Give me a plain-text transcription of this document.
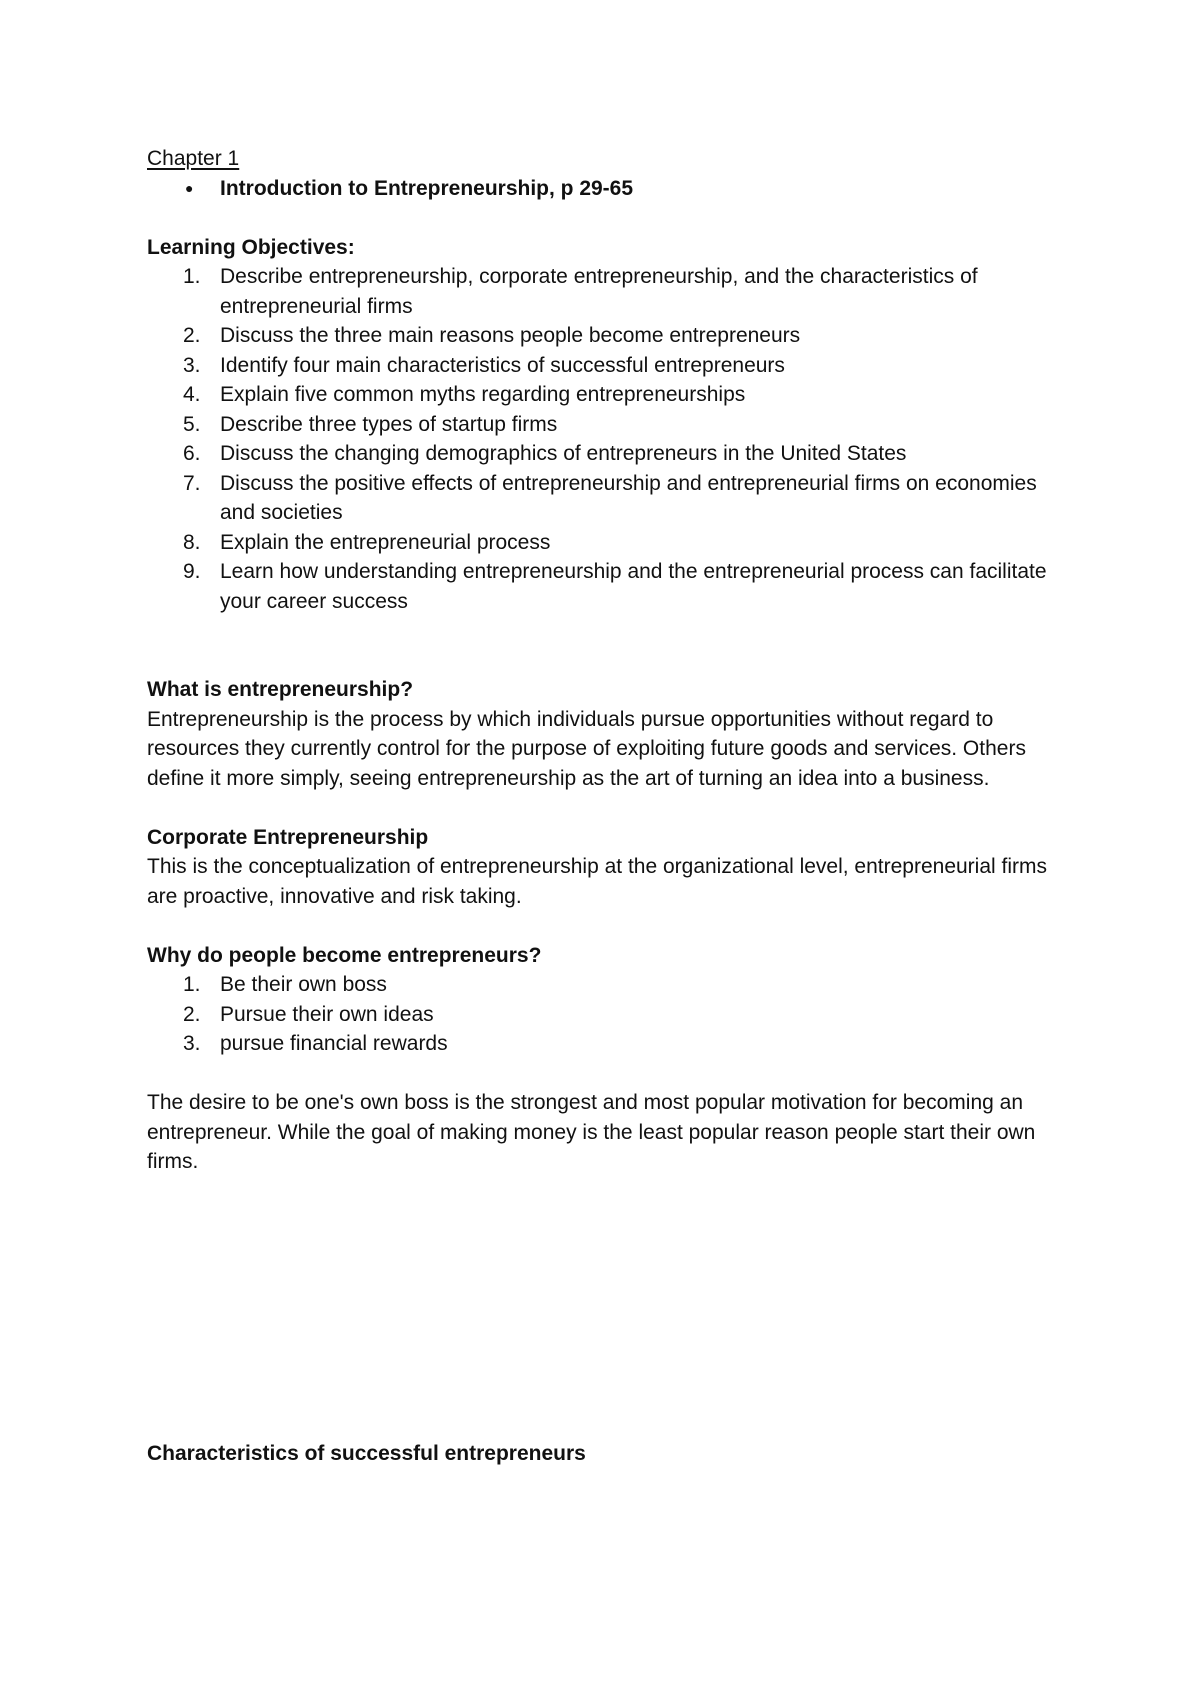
Chapter 1

● Introduction to Entrepreneurship, p 29-65

Learning Objectives:

1. Describe entrepreneurship, corporate entrepreneurship, and the characteristics of entrepreneurial firms
2. Discuss the three main reasons people become entrepreneurs
3. Identify four main characteristics of successful entrepreneurs
4. Explain five common myths regarding entrepreneurships
5. Describe three types of startup firms
6. Discuss the changing demographics of entrepreneurs in the United States
7. Discuss the positive effects of entrepreneurship and entrepreneurial firms on economies and societies
8. Explain the entrepreneurial process
9. Learn how understanding entrepreneurship and the entrepreneurial process can facilitate your career success

What is entrepreneurship?

Entrepreneurship is the process by which individuals pursue opportunities without regard to resources they currently control for the purpose of exploiting future goods and services. Others define it more simply, seeing entrepreneurship as the art of turning an idea into a business.

Corporate Entrepreneurship

This is the conceptualization of entrepreneurship at the organizational level, entrepreneurial firms are proactive, innovative and risk taking.

Why do people become entrepreneurs?

1. Be their own boss
2. Pursue their own ideas
3. pursue financial rewards

The desire to be one's own boss is the strongest and most popular motivation for becoming an entrepreneur. While the goal of making money is the least popular reason people start their own firms.

Characteristics of successful entrepreneurs
